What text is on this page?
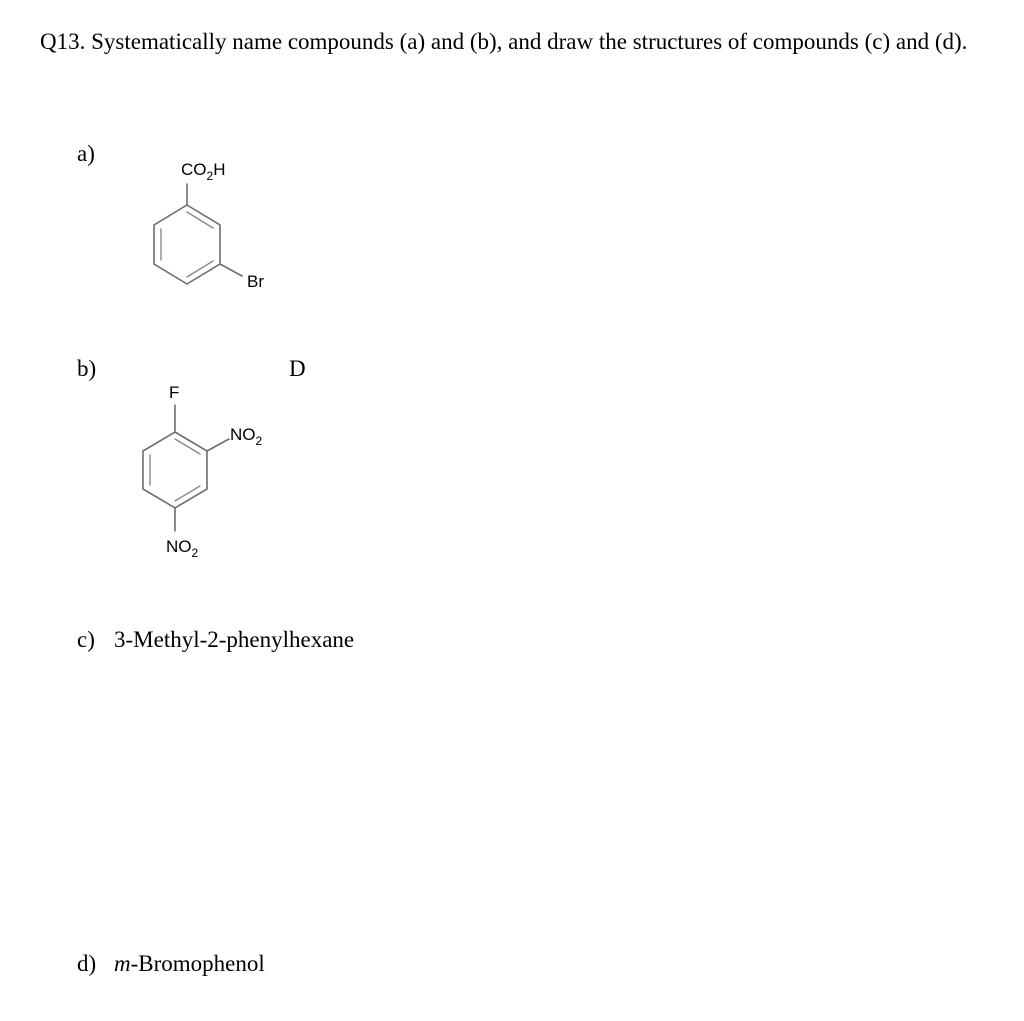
Q13. Systematically name compounds (a) and (b), and draw the structures of compounds (c) and (d).
a)
$CO_2H$
Br
b)	D
F
$NO_2$
$NO_2$
c) 3-Methyl-2-phenylhexane
d) m-Bromophenol
